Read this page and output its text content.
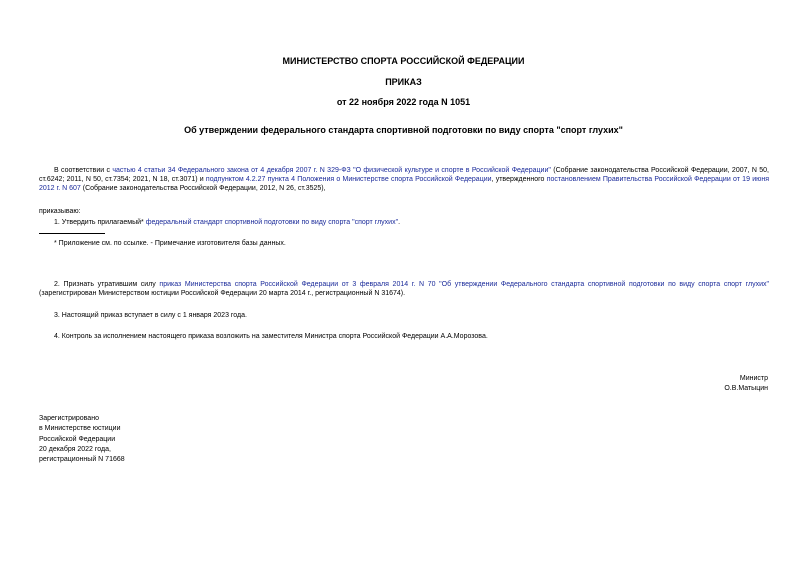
МИНИСТЕРСТВО СПОРТА РОССИЙСКОЙ ФЕДЕРАЦИИ
ПРИКАЗ
от 22 ноября 2022 года N 1051
Об утверждении федерального стандарта спортивной подготовки по виду спорта "спорт глухих"
В соответствии с частью 4 статьи 34 Федерального закона от 4 декабря 2007 г. N 329-ФЗ "О физической культуре и спорте в Российской Федерации" (Собрание законодательства Российской Федерации, 2007, N 50, ст.6242; 2011, N 50, ст.7354; 2021, N 18, ст.3071) и подпунктом 4.2.27 пункта 4 Положения о Министерстве спорта Российской Федерации, утвержденного постановлением Правительства Российской Федерации от 19 июня 2012 г. N 607 (Собрание законодательства Российской Федерации, 2012, N 26, ст.3525),
приказываю:
1. Утвердить прилагаемый* федеральный стандарт спортивной подготовки по виду спорта "спорт глухих".
* Приложение см. по ссылке. - Примечание изготовителя базы данных.
2. Признать утратившим силу приказ Министерства спорта Российской Федерации от 3 февраля 2014 г. N 70 "Об утверждении Федерального стандарта спортивной подготовки по виду спорта спорт глухих" (зарегистрирован Министерством юстиции Российской Федерации 20 марта 2014 г., регистрационный N 31674).
3. Настоящий приказ вступает в силу с 1 января 2023 года.
4. Контроль за исполнением настоящего приказа возложить на заместителя Министра спорта Российской Федерации А.А.Морозова.
Министр
О.В.Матыцин
Зарегистрировано
в Министерстве юстиции
Российской Федерации
20 декабря 2022 года,
регистрационный N 71668
